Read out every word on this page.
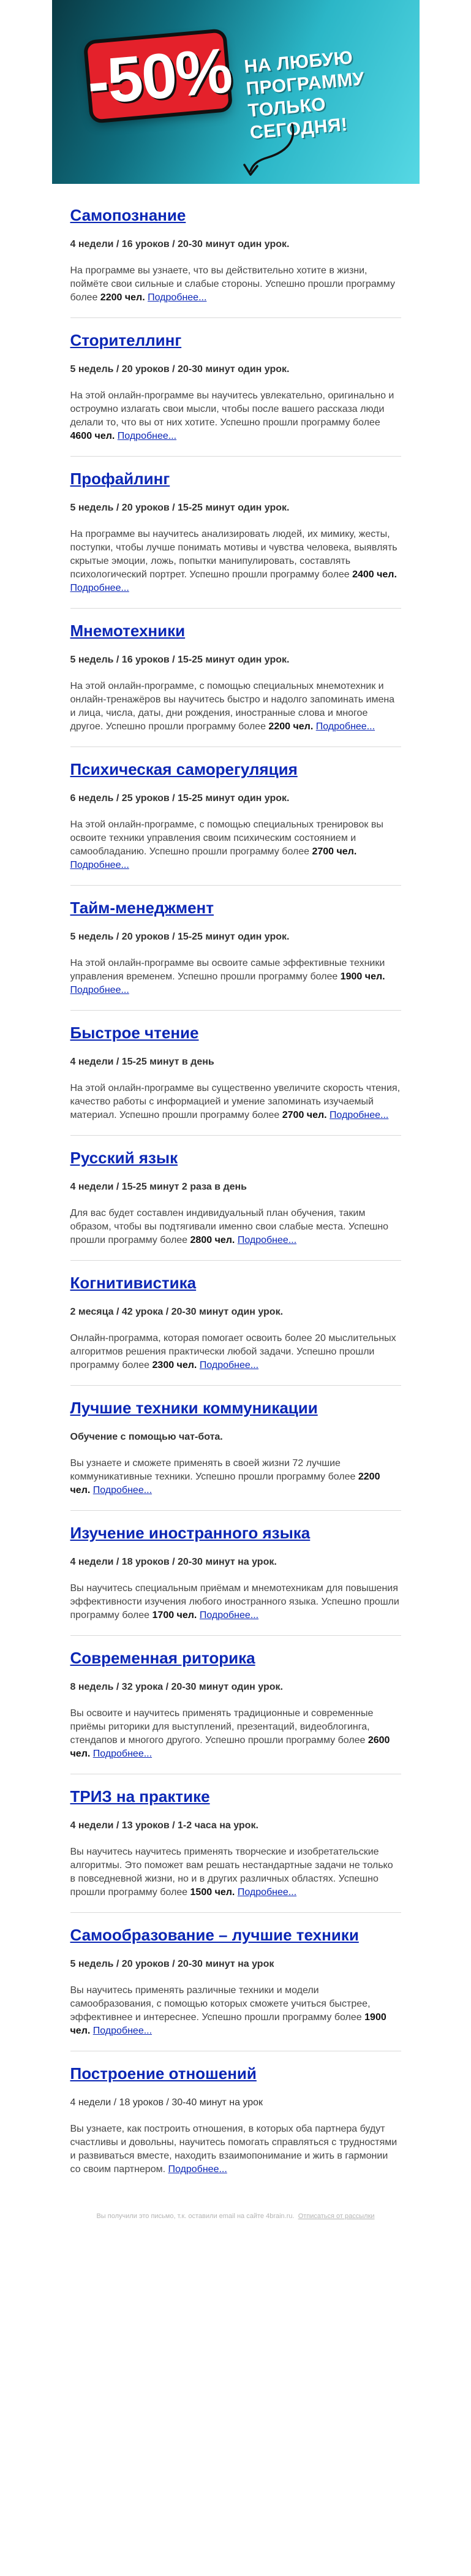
-50% НА ЛЮБУЮ
ПРОГРАММУ
ТОЛЬКО СЕГОДНЯ!
Самопознание
4 недели / 16 уроков / 20-30 минут один урок.

На программе вы узнаете, что вы действительно хотите в жизни, поймёте свои сильные и слабые стороны. Успешно прошли программу более 2200 чел. Подробнее...

Сторителлинг
5 недель / 20 уроков / 20-30 минут один урок.

На этой онлайн-программе вы научитесь увлекательно, оригинально и остроумно излагать свои мысли, чтобы после вашего рассказа люди делали то, что вы от них хотите. Успешно прошли программу более 4600 чел. Подробнее...

Профайлинг
5 недель / 20 уроков / 15-25 минут один урок.

На программе вы научитесь анализировать людей, их мимику, жесты, поступки, чтобы лучше понимать мотивы и чувства человека, выявлять скрытые эмоции, ложь, попытки манипулировать, составлять психологический портрет. Успешно прошли программу более 2400 чел. Подробнее...

Мнемотехники
5 недель / 16 уроков / 15-25 минут один урок.

На этой онлайн-программе, с помощью специальных мнемотехник и онлайн-тренажёров вы научитесь быстро и надолго запоминать имена и лица, числа, даты, дни рождения, иностранные слова и многое другое. Успешно прошли программу более 2200 чел. Подробнее...

Психическая саморегуляция
6 недель / 25 уроков / 15-25 минут один урок.

На этой онлайн-программе, с помощью специальных тренировок вы освоите техники управления своим психическим состоянием и самообладанию. Успешно прошли программу более 2700 чел. Подробнее...

Тайм-менеджмент
5 недель / 20 уроков / 15-25 минут один урок.

На этой онлайн-программе вы освоите самые эффективные техники управления временем. Успешно прошли программу более 1900 чел. Подробнее...

Быстрое чтение
4 недели / 15-25 минут в день

На этой онлайн-программе вы существенно увеличите скорость чтения, качество работы с информацией и умение запоминать изучаемый материал. Успешно прошли программу более 2700 чел. Подробнее...

Русский язык
4 недели / 15-25 минут 2 раза в день

Для вас будет составлен индивидуальный план обучения, таким образом, чтобы вы подтягивали именно свои слабые места. Успешно прошли программу более 2800 чел. Подробнее...

Когнитивистика
2 месяца / 42 урока / 20-30 минут один урок.

Онлайн-программа, которая помогает освоить более 20 мыслительных алгоритмов решения практически любой задачи. Успешно прошли программу более 2300 чел. Подробнее...

Лучшие техники коммуникации
Обучение с помощью чат-бота.

Вы узнаете и сможете применять в своей жизни 72 лучшие коммуникативные техники. Успешно прошли программу более 2200 чел. Подробнее...

Изучение иностранного языка
4 недели / 18 уроков / 20-30 минут на урок.

Вы научитесь специальным приёмам и мнемотехникам для повышения эффективности изучения любого иностранного языка. Успешно прошли программу более 1700 чел. Подробнее...

Современная риторика
8 недель / 32 урока / 20-30 минут один урок.

Вы освоите и научитесь применять традиционные и современные приёмы риторики для выступлений, презентаций, видеоблогинга, стендапов и многого другого. Успешно прошли программу более 2600 чел. Подробнее...

ТРИЗ на практике
4 недели / 13 уроков / 1-2 часа на урок.

Вы научитесь научитесь применять творческие и изобретательские алгоритмы. Это поможет вам решать нестандартные задачи не только в повседневной жизни, но и в других различных областях. Успешно прошли программу более 1500 чел. Подробнее...

Самообразование – лучшие техники
5 недель / 20 уроков / 20-30 минут на урок

Вы научитесь применять различные техники и модели самообразования, с помощью которых сможете учиться быстрее, эффективнее и интереснее. Успешно прошли программу более 1900 чел. Подробнее...

Построение отношений
4 недели / 18 уроков / 30-40 минут на урок

Вы узнаете, как построить отношения, в которых оба партнера будут счастливы и довольны, научитесь помогать справляться с трудностями и развиваться вместе, находить взаимопонимание и жить в гармонии со своим партнером. Подробнее...

Вы получили это письмо, т.к. оставили email на сайте 4brain.ru. Отписаться от рассылки
